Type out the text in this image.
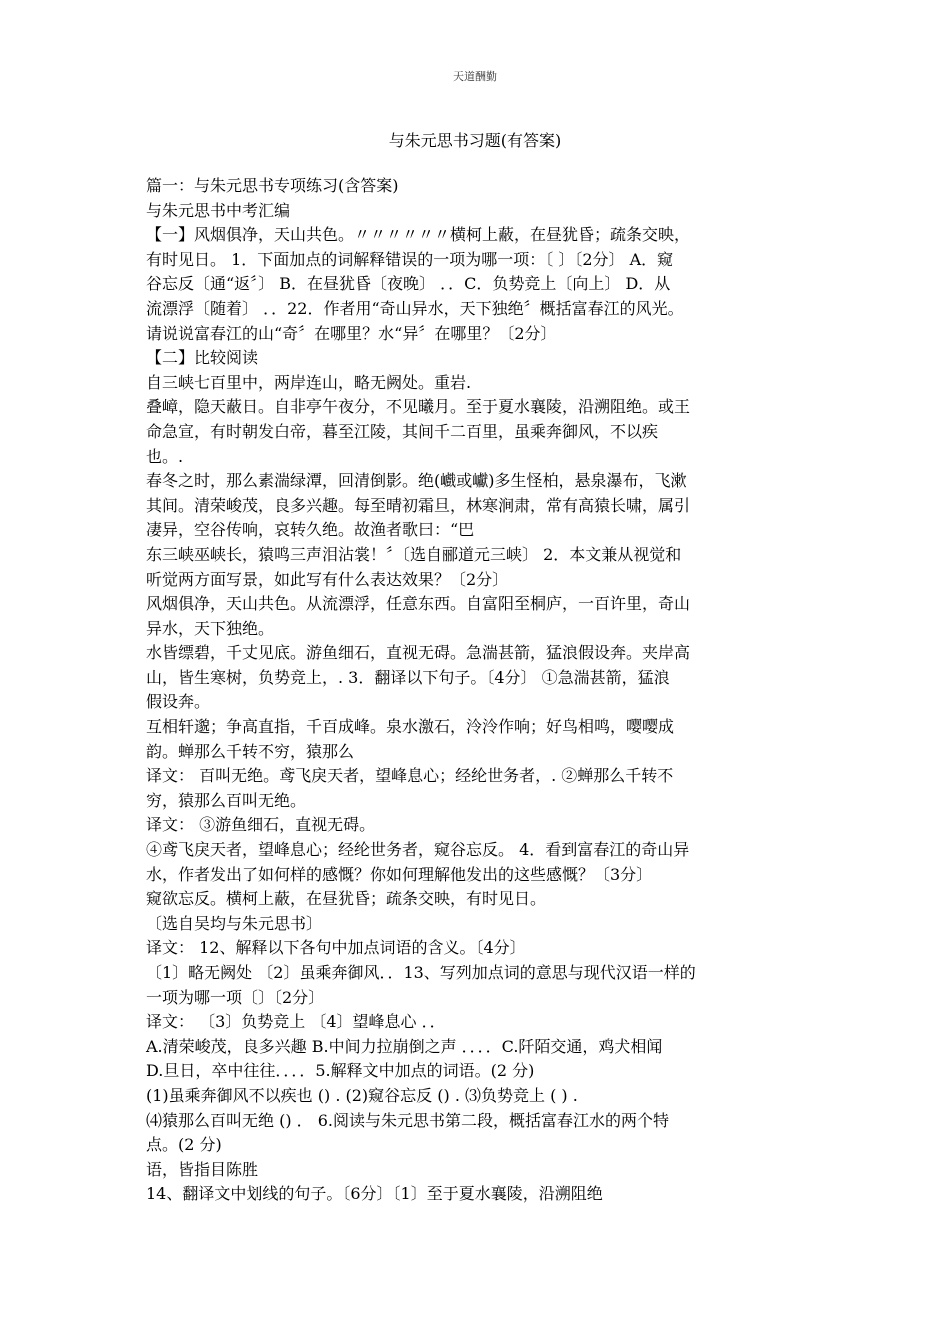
天道酬勤
与朱元思书习题(有答案)
篇一：与朱元思书专项练习(含答案)
与朱元思书中考汇编
【一】风烟俱净，天山共色。〃〃〃〃〃〃横柯上蔽，在昼犹昏；疏条交映，
有时见日。 1．下面加点的词解释错误的一项为哪一项：〔 〕〔2分〕 A．窥
谷忘反〔通“返〞〕 B．在昼犹昏〔夜晚〕 ．．C．负势竞上〔向上〕 D．从
流漂浮〔随着〕 ．．22．作者用“奇山异水，天下独绝〞概括富春江的风光。
请说说富春江的山“奇〞在哪里？水“异〞在哪里？〔2分〕
【二】比较阅读
自三峡七百里中，两岸连山，略无阙处。重岩.
叠嶂，隐天蔽日。自非亭午夜分，不见曦月。至于夏水襄陵，沿溯阻绝。或王
命急宣，有时朝发白帝，暮至江陵，其间千二百里，虽乘奔御风，不以疾
也。.
春冬之时，那么素湍绿潭，回清倒影。绝(巇或巘)多生怪柏，悬泉瀑布，飞漱
其间。清荣峻茂，良多兴趣。每至晴初霜旦，林寒涧肃，常有高猿长啸，属引
凄异，空谷传响，哀转久绝。故渔者歌曰：“巴
东三峡巫峡长，猿鸣三声泪沾裳！〞〔选自郦道元三峡〕 2．本文兼从视觉和
听觉两方面写景，如此写有什么表达效果？〔2分〕
风烟俱净，天山共色。从流漂浮，任意东西。自富阳至桐庐，一百许里，奇山
异水，天下独绝。
水皆缥碧，千丈见底。游鱼细石，直视无碍。急湍甚箭，猛浪假设奔。夹岸高
山，皆生寒树，负势竞上，. 3．翻译以下句子。〔4分〕 ①急湍甚箭，猛浪
假设奔。
互相轩邈；争高直指，千百成峰。泉水激石，泠泠作响；好鸟相鸣，嘤嘤成
韵。蝉那么千转不穷，猿那么
译文： 百叫无绝。鸢飞戾天者，望峰息心；经纶世务者，. ②蝉那么千转不
穷，猿那么百叫无绝。
译文： ③游鱼细石，直视无碍。
④鸢飞戾天者，望峰息心；经纶世务者，窥谷忘反。 4．看到富春江的奇山异
水，作者发出了如何样的感慨？你如何理解他发出的这些感慨？〔3分〕
窥欲忘反。横柯上蔽，在昼犹昏；疏条交映，有时见日。
〔选自吴均与朱元思书〕
译文： 12、解释以下各句中加点词语的含义。〔4分〕
〔1〕略无阙处 〔2〕虽乘奔御风．．13、写列加点词的意思与现代汉语一样的
一项为哪一项〔〕〔2分〕
译文： 〔3〕负势竞上 〔4〕望峰息心 ．．
A.清荣峻茂，良多兴趣 B.中间力拉崩倒之声 ．．．．C.阡陌交通，鸡犬相闻
D.旦日，卒中往往．．．．5.解释文中加点的词语。(2 分)
(1)虽乘奔御风不以疾也 () . (2)窥谷忘反 () . ⑶负势竞上 ( ) .
⑷猿那么百叫无绝 () ． 6.阅读与朱元思书第二段，概括富春江水的两个特
点。(2 分)
语，皆指目陈胜
14、翻译文中划线的句子。〔6分〕〔1〕至于夏水襄陵，沿溯阻绝
